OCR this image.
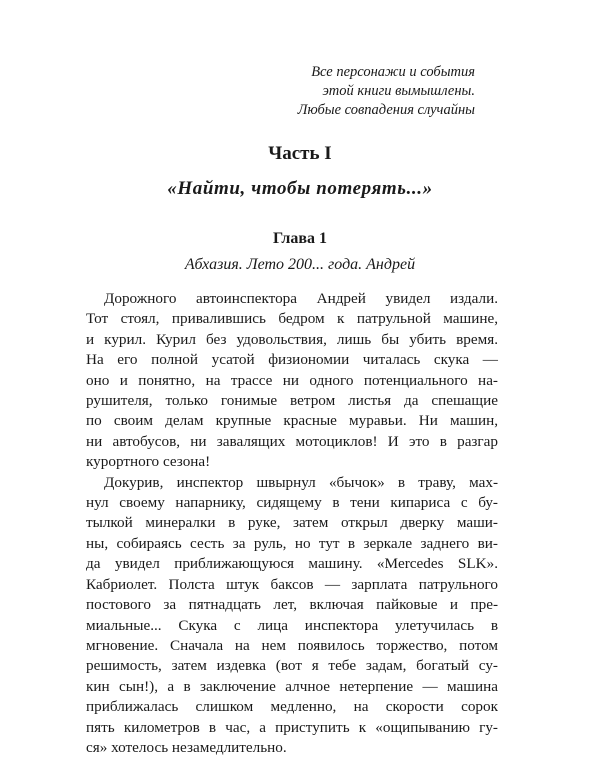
Все персонажи и события
этой книги вымышлены.
Любые совпадения случайны
Часть I
«Найти, чтобы потерять...»
Глава 1
Абхазия. Лето 200... года. Андрей
Дорожного автоинспектора Андрей увидел издали.
Тот стоял, привалившись бедром к патрульной машине,
и курил. Курил без удовольствия, лишь бы убить время.
На его полной усатой физиономии читалась скука —
оно и понятно, на трассе ни одного потенциального на-
рушителя, только гонимые ветром листья да спешащие
по своим делам крупные красные муравьи. Ни машин,
ни автобусов, ни завалящих мотоциклов! И это в разгар
курортного сезона!
Докурив, инспектор швырнул «бычок» в траву, мах-
нул своему напарнику, сидящему в тени кипариса с бу-
тылкой минералки в руке, затем открыл дверку маши-
ны, собираясь сесть за руль, но тут в зеркале заднего ви-
да увидел приближающуюся машину. «Mercedes SLK».
Кабриолет. Полста штук баксов — зарплата патрульного
постового за пятнадцать лет, включая пайковые и пре-
миальные... Скука с лица инспектора улетучилась в
мгновение. Сначала на нем появилось торжество, потом
решимость, затем издевка (вот я тебе задам, богатый су-
кин сын!), а в заключение алчное нетерпение — машина
приближалась слишком медленно, на скорости сорок
пять километров в час, а приступить к «ощипыванию гу-
ся» хотелось незамедлительно.
